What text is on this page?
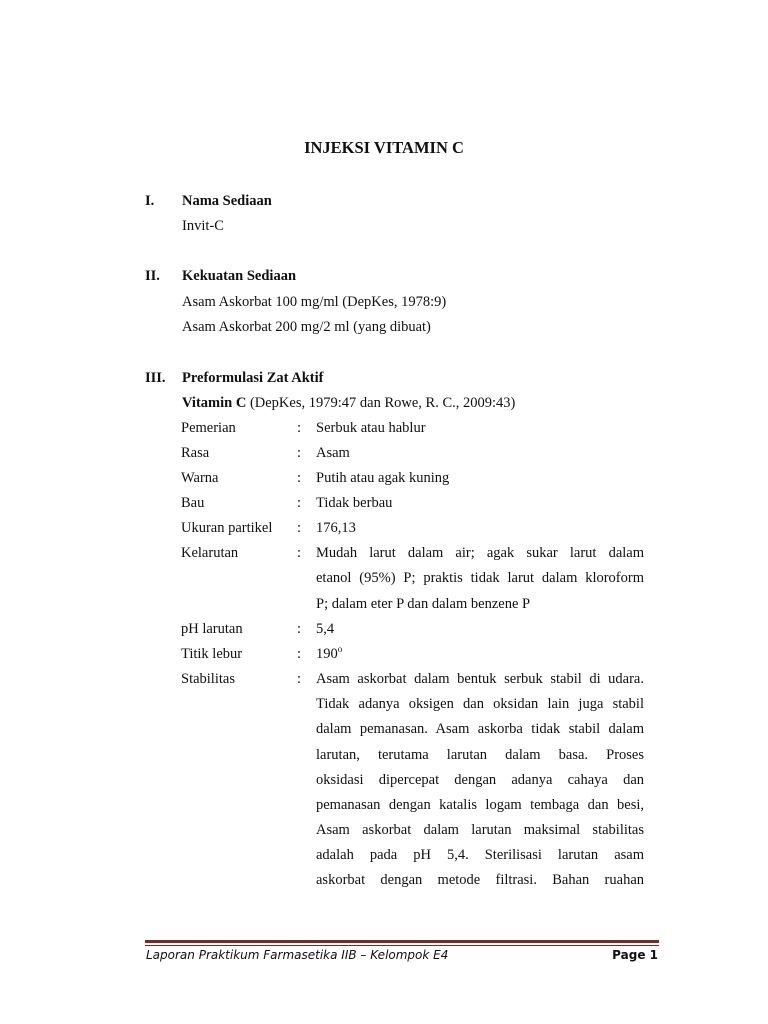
INJEKSI VITAMIN C
I. Nama Sediaan
Invit-C
II. Kekuatan Sediaan
Asam Askorbat 100 mg/ml (DepKes, 1978:9)
Asam Askorbat 200 mg/2 ml (yang dibuat)
III. Preformulasi Zat Aktif
Vitamin C (DepKes, 1979:47 dan Rowe, R. C., 2009:43)
Pemerian	: Serbuk atau hablur
Rasa	: Asam
Warna	: Putih atau agak kuning
Bau	: Tidak berbau
Ukuran partikel : 176,13
Kelarutan	: Mudah larut dalam air; agak sukar larut dalam
etanol (95%) P; praktis tidak larut dalam kloroform
P; dalam eter P dan dalam benzene P
pH larutan	: 5,4
Titik lebur	: 190$^o$
Stabilitas	: Asam askorbat dalam bentuk serbuk stabil di udara.
Tidak adanya oksigen dan oksidan lain juga stabil
dalam pemanasan. Asam askorba tidak stabil dalam
larutan, terutama larutan dalam basa. Proses
oksidasi dipercepat dengan adanya cahaya dan
pemanasan dengan katalis logam tembaga dan besi,
Asam askorbat dalam larutan maksimal stabilitas
adalah pada pH 5,4. Sterilisasi larutan asam
askorbat dengan metode filtrasi. Bahan ruahan
Laporan Praktikum Farmasetika IIB – Kelompok E4	Page 1
